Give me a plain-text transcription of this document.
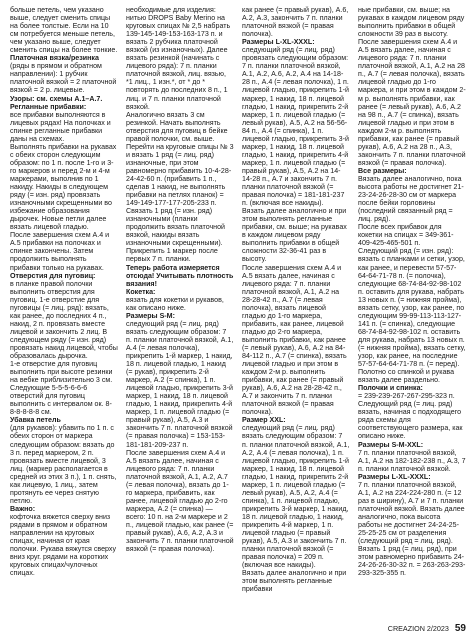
больше петель, чем указано выше, следует сменить спицы на более толстые. Если на 10 см потребуется меньше петель, чем указано выше, следует сменить спицы на более тонкие.

Платочная вязка/резинка

(ряды в прямом и обратном направлении): 1 рубчик платочной вязкой = 2 платочной вязкой = 2 р. лицевые.

Узоры: см. схемы А.1–А.7.

Регланные прибавки:

все прибавки выполняются в лицевых рядах! На полочках и спинке регланные прибавки даны на схемах.

Выполнять прибавки на рукавах с обеих сторон следующим образом: по 1 п. после 1-го и 3-го маркеров и перед 2-м и 4-м маркерами, выполнив по 1 накиду. Накиды в следующем ряду (= изн. ряд) провязать изнаночными скрещенными во избежание образования дырочек. Новые петли далее вязать лицевой гладью.

После завершения схем А.4 и А.5 прибавки на полочках и спинке закончены. Затем продолжить выполнять прибавки только на рукавах.

Отверстия для пуговиц:

в планке правой полочки выполнить отверстия для пуговиц. 1-е отверстие для пуговицы (= лиц. ряд): вязать, как ранее, до последних 4 п., накид, 2 п. провязать вместе лицевой и закончить 2 лиц. В следующем ряду (= изн. ряд) провязать накид лицевой, чтобы образовалась дырочка.

1-е отверстие для пуговиц выполнить при высоте резинки на вебке приблизительно 3 см. Следующие 5-5-5-6-6-6 отверстий для пуговиц выполнить с интервалом ок. 8-8-8-8-8-8 см.

Убавка петель

(для рукавов): убавить по 1 п. с обеих сторон от маркера следующим образом: вязать до 3 п. перед маркером, 2 п. провязать вместе лицевой, 3 лиц. (маркер располагается в средней из этих 3 п.), 1 п. снять, как лицевую, 1 лиц., затем протянуть ее через снятую петлю.

Важно:

кофточка вяжется сверху вниз рядами в прямом и обратном направлении на круговых спицах, начиная от края полочки. Рукава вяжутся сверху вниз круг. рядами на коротких круговых спицах/чулочных спицах.

необходимые для изделия: нитью DROPS Baby Merino на круговых спицах № 2,5 набрать 139-145-149-153-163-173 п. и вязать 2 рубчика платочной вязкой (из изнаночных). Далее вязать резинкой (начинать с лицевого ряда): 7 п. планки платочной вязкой, лиц. вязью, *1 лиц., 1 изн.*, от * до * повторять до последних 8 п., 1 лиц. и 7 п. планки платочной вязкой.

Аналогично вязать 3 см резинкой. Начать выполнять отверстия для пуговиц в бейке правой полочки, см. выше.

Перейти на круговые спицы № 3 и вязать 1 ряд (= лиц. ряд) изнаночные, при этом равномерно прибавить 10-4-28-24-42-60 п. (прибавить 1 п., сделав 1 накид, не выполнять прибавки на петлях планок) = 149-149-177-177-205-233 п. Связать 1 ряд (= изн. ряд) изнаночными (планки продолжить вязать платочной вязкой, накиды вязать изнаночными скрещенными).

Прикрепить 1 маркер после первых 7 п. планки.

Теперь работа измеряется отсюда! Учитывать плотность вязания!

Кокетка:

вязать для кокетки и рукавов, как описано ниже.

Размеры S-M:

следующий ряд (= лиц. ряд) вязать следующим образом: 7 п. планки платочной вязкой, А.1, А.4 (= левая полочка), прикрепить 1-й маркер, 1 накид, 18 п. лицевой гладью, 1 накид (= рукав), прикрепить 2-й маркер, А.2 (= спинка), 1 п. лицевой гладью, прикрепить 3-й маркер, 1 накид, 18 п. лицевой гладью, 1 накид, прикрепить 4-й маркер, 1 п. лицевой гладью (= правый рукав), А.5, А.3 и закончить 7 п. платочной вязкой (= правая полочка) = 153-153-181-181-209-237 п.

После завершения схем А.4 и А.5 вязать далее, начиная с лицевого ряда: 7 п. планки платочной вязкой, А.1, А.2, А.7 (= левая полочка), вязать до 1-го маркера, прибавить, как ранее, лицевой гладью до 2-го маркера, А.2 (= спинка) — всего: 10 п. на 2-м маркере и 2 п., лицевой гладью, как ранее (= правый рукав), А.6, А.2, А.3 и закончить 7 п. планки платочной вязкой (= правая полочка).

как ранее (= правый рукав), А.6, А.2, А.3, закончить 7 п. планки платочной вязкой (= правая полочка).

Размеры L-XL-XXXL:

следующий ряд (= лиц. ряд) провязать следующим образом: 7 п. планки платочной вязкой, А.1, А.2, А.6, А.2, А.4 на 14-18-28 п., А.4 (= левая полочка), 1 п. лицевой гладью, прикрепить 1-й маркер, 1 накид, 18 п. лицевой гладью, 1 накид, прикрепить 2-й маркер, 1 п. лицевой гладью (= левый рукав), А.5, А.2 на 56-56-84 п., А.4 (= спинка), 1 п. лицевой гладью, прикрепить 3-й маркер, 1 накид, 18 п. лицевой гладью, 1 накид, прикрепить 4-й маркер, 1 п. лицевой гладью (= правый рукав), А.5, А.2 на 14-14-28 п., А.7 и закончить 7 п. планки платочной вязкой (= правая полочка) = 181-181-237 п. (включая все накиды).

Вязать далее аналогично и при этом выполнять регланные прибавки, см. выше; на рукавах в каждом лицевом ряду выполнить прибавки в общей сложности 32-36-41 раз в высоту.

После завершения схем А.4 и А.5 вязать далее, начиная с лицевого ряда: 7 п. планки платочной вязкой, А.1, А.2 на 28-28-42 п., А.7 (= левая полочка), вязать лицевой гладью до 1-го маркера, прибавить, как ранее, лицевой гладью до 2-го маркера, выполнить прибавки, как ранее (= левый рукав), А.6, А.2 на 84-84-112 п., А.7 (= спинка), вязать лицевой гладью и при этом в каждом 2-м р. выполнить прибавки, как ранее (= правый рукав), А.6, А.2 на 28-28-42 п., А.7 и закончить 7 п. планки платочной вязкой (= правая полочка).

Размер XXL:

следующий ряд (= лиц. ряд) вязать следующим образом: 7 п. планки платочной вязкой, А.1, А.2, А.4 (= левая полочка), 1 п. лицевой гладью, прикрепить 1-й маркер, 1 накид, 18 п. лицевой гладью, 1 накид, прикрепить 2-й маркер, 1 п. лицевой гладью (= левый рукав), А.5, А.2, А.4 (= спинка), 1 п. лицевой гладью, прикрепить 3-й маркер, 1 накид, 18 п. лицевой гладью, 1 накид, прикрепить 4-й маркер, 1 п. лицевой гладью (= правый рукав), А.5, А.3 и закончить 7 п. планки платочной вязкой (= правая полочка) = 209 п. (включая все накиды).

Вязать далее аналогично и при этом выполнять регланные прибавки

ные прибавки, см. выше; на рукавах в каждом лицевом ряду выполнить прибавки в общей сложности 39 раз в высоту.

После завершения схем А.4 и А.5 вязать далее, начиная с лицевого ряда: 7 п. планки платочной вязкой, А.1, А.2 на 28 п., А.7 (= левая полочка), вязать лицевой гладью до 1-го маркера, и при этом в каждом 2-м р. выполнять прибавки, как ранее (= левый рукав), А.6, А.2 на 98 п., А.7 (= спинка), вязать лицевой гладью и при этом в каждом 2-м р. выполнять прибавки, как ранее (= правый рукав), А.6, А.2 на 28 п., А.3, закончить 7 п. планки платочной вязкой (= правая полочка).

Все размеры:

Вязать далее аналогично, пока высота работы не достигнет 21-23-24-26-28-30 см от маркера после бейки горловины (последний связанный ряд = лиц. ряд).

После всех прибавок для кокетки на спицах = 349-361-409-425-465-501 п.

Следующий ряд (= изн. ряд): вязать с планками и сетки, узор, как ранее, и перевести 57-57-64-64-71-78 п. (= полочка), следующие 68-74-84-92-98-102 п. оставить для рукава, набрать 13 новых п. (= нижняя пройма), вязать сетку, узор, как ранее, по следующим 99-99-113-113-127-141 п. (= спинка), следующие 68-74-84-92-98-102 п. оставить для рукава, набрать 13 новых п. (= нижняя пройма), вязать сетку, узор, как ранее, на последние 57-57-64-64-71-78 п. (= перед).

Полотно со спинкой и рукава вязать далее раздельно.

Полочки и спинка:

= 239-239-267-267-295-323 п.

Следующий ряд (= лиц. ряд) вязать, начиная с подходящего ряда схемы для соответствующего размера, как описано ниже.

Размеры S-M-XXL:

7 п. планки платочной вязкой, А.1, А.2 на 182-182-238 п., А.3, 7 п. планки платочной вязкой.

Размеры L-XL-XXXL:

7 п. планки платочной вязкой, А.1, А.2 на 224-224-280 п. (= 12 раз в ширину), А.7 и 7 п. планки платочной вязкой. Вязать далее аналогично, пока высота работы не достигнет 24-24-25-25-25-25 см от разделения (следующий ряд = лиц. ряд).

Вязать 1 ряд (= лиц. ряд), при этом равномерно прибавить 24-24-26-26-30-32 п. = 263-263-293-293-325-355 п.

CREAZION 2/2023 59
